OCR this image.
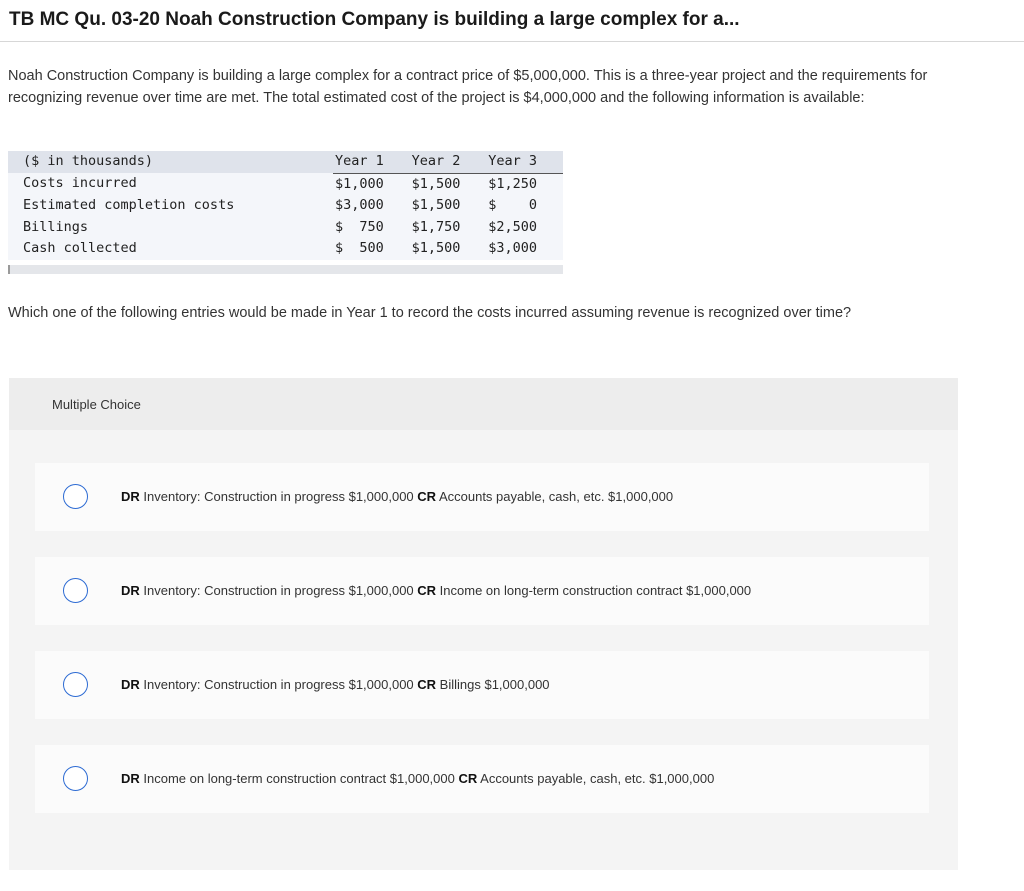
TB MC Qu. 03-20 Noah Construction Company is building a large complex for a...

Noah Construction Company is building a large complex for a contract price of $5,000,000. This is a three-year project and the requirements for recognizing revenue over time are met. The total estimated cost of the project is $4,000,000 and the following information is available:

($ in thousands)	Year 1	Year 2	Year 3
Costs incurred	$1,000	$1,500	$1,250
Estimated completion costs	$3,000	$1,500	$    0
Billings	$  750	$1,750	$2,500
Cash collected	$  500	$1,500	$3,000

Which one of the following entries would be made in Year 1 to record the costs incurred assuming revenue is recognized over time?

Multiple Choice
DR Inventory: Construction in progress $1,000,000 CR Accounts payable, cash, etc. $1,000,000
DR Inventory: Construction in progress $1,000,000 CR Income on long-term construction contract $1,000,000
DR Inventory: Construction in progress $1,000,000 CR Billings $1,000,000
DR Income on long-term construction contract $1,000,000 CR Accounts payable, cash, etc. $1,000,000
